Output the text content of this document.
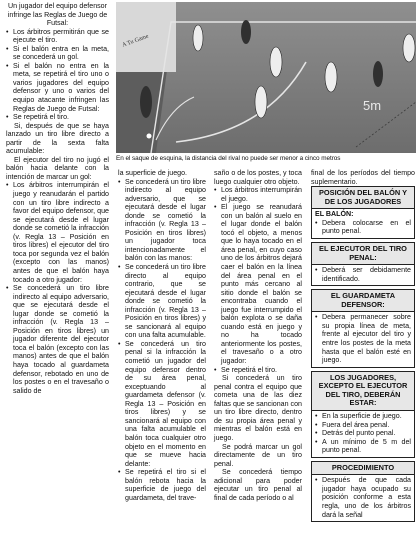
Un jugador del equipo defensor infringe las Reglas de Juego de Futsal:

• Los árbitros permitirán que se ejecute el tiro.

• Si el balón entra en la meta, se concederá un gol.

• Si el balón no entra en la meta, se repetirá el tiro uno o varios jugadores del equipo defensor y uno o varios del equipo atacante infringen las Reglas de Juego de Futsal:

• Se repetirá el tiro.

Si, después de que se haya lanzado un tiro libre directo a partir de la sexta falta acumulable:

El ejecutor del tiro no jugó el balón hacia delante con la intención de marcar un gol:

• Los árbitros interrumpirán el juego y reanudarán el partido con un tiro libre indirecto a favor del equipo defensor, que se ejecutará desde el lugar donde se cometió la infracción (v. Regla 13 – Posición en tiros libres) el ejecutor del tiro toca por segunda vez el balón (excepto con las manos) antes de que el balón haya tocado a otro jugador:

• Se concederá un tiro libre indirecto al equipo adversario, que se ejecutará desde el lugar donde se cometió la infracción (v. Regla 13 – Posición en tiros libres) un jugador diferente del ejecutor toca el balón (excepto con las manos) antes de que el balón haya tocado al guardameta defensor, rebotado en uno de los postes o en el travesaño o salido de

A Tu Game
5m
En el saque de esquina, la distancia del rival no puede ser menor a cinco metros

la superficie de juego.

• Se concederá un tiro libre indirecto al equipo adversario, que se ejecutará desde el lugar donde se cometió la infracción (v. Regla 13 – Posición en tiros libres) un jugador toca intencionadamente el balón con las manos:

• Se concederá un tiro libre directo al equipo contrario, que se ejecutará desde el lugar donde se cometió la infracción (v. Regla 13 – Posición en tiros libres) y se sancionará al equipo con una falta acumulable.

• Se concederá un tiro penal si la infracción la cometió un jugador del equipo defensor dentro de su área penal, exceptuando al guardameta defensor (v. Regla 13 – Posición en tiros libres) y se sancionará al equipo con una falta acumulable el balón toca cualquier otro objeto en el momento en que se mueve hacia delante:

• Se repetirá el tiro si el balón rebota hacia la superficie de juego del guardameta, del trave-

saño o de los postes, y toca luego cualquier otro objeto.

• Los árbitros interrumpirán el juego.

• El juego se reanudará con un balón al suelo en el lugar donde el balón tocó el objeto, a menos que lo haya tocado en el área penal, en cuyo caso uno de los árbitros dejará caer el balón en la línea del área penal en el punto más cercano al sitio donde el balón se encontraba cuando el juego fue interrumpido el balón explota o se daña cuando está en juego y no ha tocado anteriormente los postes, el travesaño o a otro jugador:

• Se repetirá el tiro.

Si concederá un tiro penal contra el equipo que cometa una de las diez faltas que se sancionan con un tiro libre directo, dentro de su propia área penal y mientras el balón está en juego.

Se podrá marcar un gol directamente de un tiro penal.

Se concederá tiempo adicional para poder ejecutar un tiro penal al final de cada período o al

final de los períodos del tiempo suplementario.

POSICIÓN DEL BALÓN Y DE LOS JUGADORES

EL BALÓN:

• Debera colocarse en el punto penal.

EL EJECUTOR DEL TIRO PENAL:

• Deberá ser debidamente identificado.

EL GUARDAMETA DEFENSOR:

• Debera permanecer sobre su propia línea de meta, frente al ejecutor del tiro y entre los postes de la meta hasta que el balón esté en juego.

LOS JUGADORES, EXCEPTO EL EJECUTOR DEL TIRO, DEBERÁN ESTAR:

• En la superficie de juego.

• Fuera del área penal.

• Detrás del punto penal.

• A un mínimo de 5 m del punto penal.

PROCEDIMIENTO

• Después de que cada jugador haya ocupado su posición conforme a esta regla, uno de los árbitros dará la señal
